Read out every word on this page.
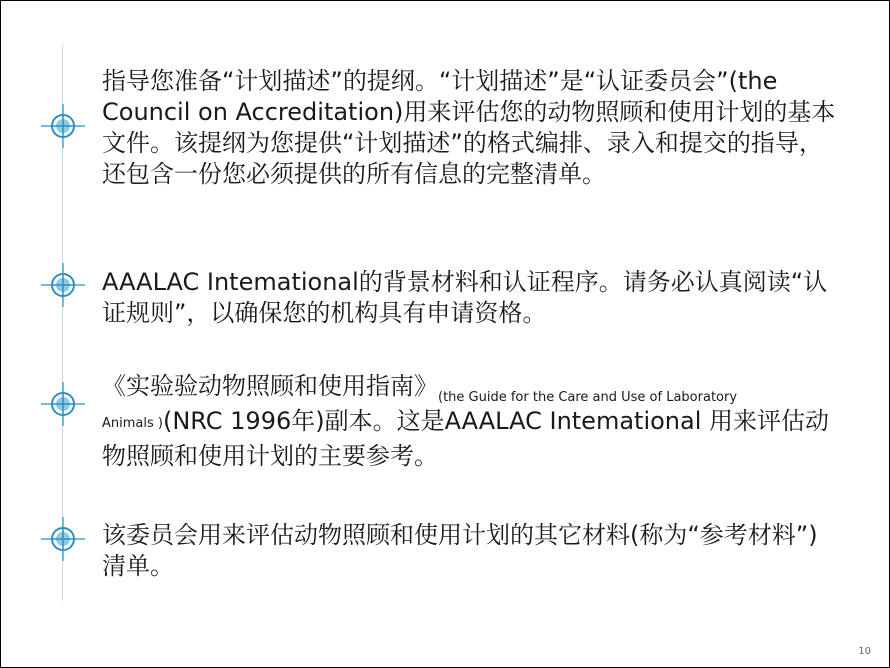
指导您准备“计划描述”的提纲。“计划描述”是“认证委员会”(the Council on Accreditation)用来评估您的动物照顾和使用计划的基本文件。该提纲为您提供“计划描述”的格式编排、录入和提交的指导，还包含一份您必须提供的所有信息的完整清单。

AAALAC Intemational的背景材料和认证程序。请务必认真阅读“认证规则”，以确保您的机构具有申请资格。

《实验验动物照顾和使用指南》$_{(the Guide for the Care and Use of Laboratory}$
Animals )(NRC 1996年)副本。这是AAALAC Intemational 用来评估动物照顾和使用计划的主要参考。

该委员会用来评估动物照顾和使用计划的其它材料(称为“参考材料”)清单。

10
